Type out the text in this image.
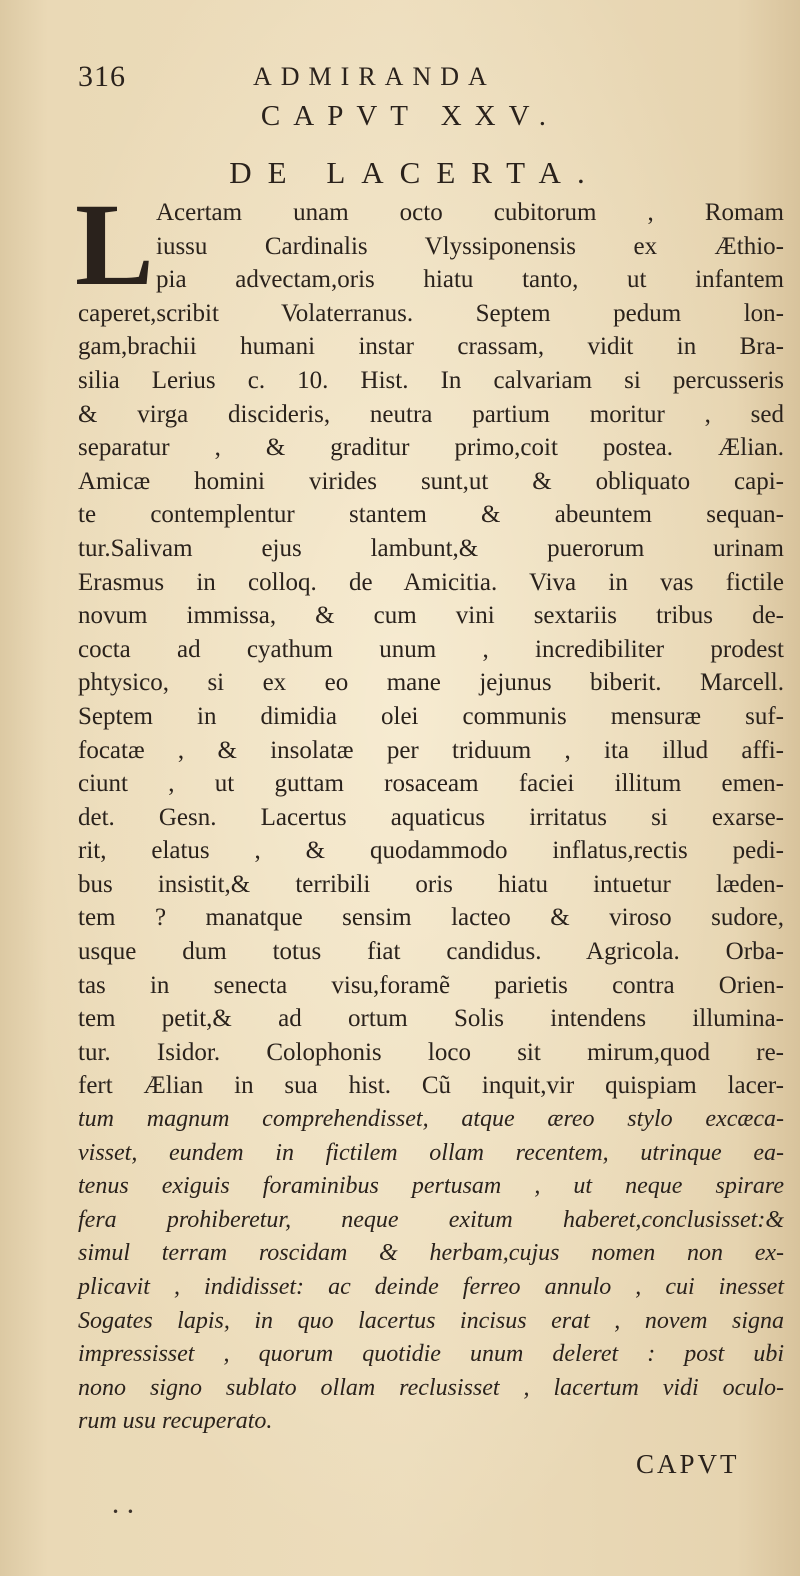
316	ADMIRANDA
CAPVT XXV.
DE LACERTA.
L Acertam unam octo cubitorum , Romam
iussu Cardinalis Vlyssiponensis ex Æthio-
pia advectam,oris hiatu tanto, ut infantem
caperet,scribit Volaterranus. Septem pedum lon-
gam,brachii humani instar crassam, vidit in Bra-
silia Lerius c. 10. Hist. In calvariam si percusseris
& virga discideris, neutra partium moritur , sed
separatur , & graditur primo,coit postea. Ælian.
Amicæ homini virides sunt,ut & obliquato capi-
te contemplentur stantem & abeuntem sequan-
tur.Salivam ejus lambunt,& puerorum urinam
Erasmus in colloq. de Amicitia. Viva in vas fictile
novum immissa, & cum vini sextariis tribus de-
cocta ad cyathum unum , incredibiliter prodest
phtysico, si ex eo mane jejunus biberit. Marcell.
Septem in dimidia olei communis mensuræ suf-
focatæ , & insolatæ per triduum , ita illud affi-
ciunt , ut guttam rosaceam faciei illitum emen-
det. Gesn. Lacertus aquaticus irritatus si exarse-
rit, elatus , & quodammodo inflatus,rectis pedi-
bus insistit,& terribili oris hiatu intuetur læden-
tem ? manatque sensim lacteo & viroso sudore,
usque dum totus fiat candidus. Agricola. Orba-
tas in senecta visu,foramẽ parietis contra Orien-
tem petit,& ad ortum Solis intendens illumina-
tur. Isidor. Colophonis loco sit mirum,quod re-
fert Ælian in sua hist. Cũ inquit,vir quispiam lacer-
tum magnum comprehendisset, atque æreo stylo excæca-
visset, eundem in fictilem ollam recentem, utrinque ea-
tenus exiguis foraminibus pertusam , ut neque spirare
fera prohiberetur, neque exitum haberet,conclusisset:&
simul terram roscidam & herbam,cujus nomen non ex-
plicavit , indidisset: ac deinde ferreo annulo , cui inesset
Sogates lapis, in quo lacertus incisus erat , novem signa
impressisset , quorum quotidie unum deleret : post ubi
nono signo sublato ollam reclusisset , lacertum vidi oculo-
rum usu recuperato.
CAPVT
• •
